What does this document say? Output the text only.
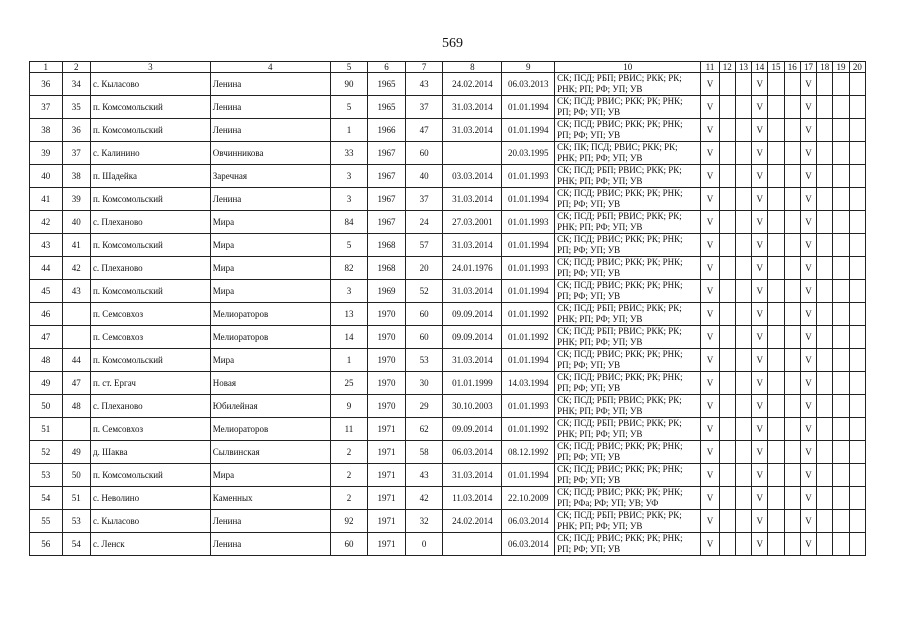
569
1	2	3	4	5	6	7	8	9	10	11	12	13	14	15	16	17	18	19	20
36	34	с. Кыласово	Ленина	90	1965	43	24.02.2014	06.03.2013	СК; ПСД; РБП; РВИС; РКК; РК; РНК; РП; РФ; УП; УВ	V			V			V			
37	35	п. Комсомольский	Ленина	5	1965	37	31.03.2014	01.01.1994	СК; ПСД; РВИС; РКК; РК; РНК; РП; РФ; УП; УВ	V			V			V			
38	36	п. Комсомольский	Ленина	1	1966	47	31.03.2014	01.01.1994	СК; ПСД; РВИС; РКК; РК; РНК; РП; РФ; УП; УВ	V			V			V			
39	37	с. Калинино	Овчинникова	33	1967	60		20.03.1995	СК; ПК; ПСД; РВИС; РКК; РК; РНК; РП; РФ; УП; УВ	V			V			V			
40	38	п. Шадейка	Заречная	3	1967	40	03.03.2014	01.01.1993	СК; ПСД; РБП; РВИС; РКК; РК; РНК; РП; РФ; УП; УВ	V			V			V			
41	39	п. Комсомольский	Ленина	3	1967	37	31.03.2014	01.01.1994	СК; ПСД; РВИС; РКК; РК; РНК; РП; РФ; УП; УВ	V			V			V			
42	40	с. Плеханово	Мира	84	1967	24	27.03.2001	01.01.1993	СК; ПСД; РБП; РВИС; РКК; РК; РНК; РП; РФ; УП; УВ	V			V			V			
43	41	п. Комсомольский	Мира	5	1968	57	31.03.2014	01.01.1994	СК; ПСД; РВИС; РКК; РК; РНК; РП; РФ; УП; УВ	V			V			V			
44	42	с. Плеханово	Мира	82	1968	20	24.01.1976	01.01.1993	СК; ПСД; РВИС; РКК; РК; РНК; РП; РФ; УП; УВ	V			V			V			
45	43	п. Комсомольский	Мира	3	1969	52	31.03.2014	01.01.1994	СК; ПСД; РВИС; РКК; РК; РНК; РП; РФ; УП; УВ	V			V			V			
46		п. Семсовхоз	Мелиораторов	13	1970	60	09.09.2014	01.01.1992	СК; ПСД; РБП; РВИС; РКК; РК; РНК; РП; РФ; УП; УВ	V			V			V			
47		п. Семсовхоз	Мелиораторов	14	1970	60	09.09.2014	01.01.1992	СК; ПСД; РБП; РВИС; РКК; РК; РНК; РП; РФ; УП; УВ	V			V			V			
48	44	п. Комсомольский	Мира	1	1970	53	31.03.2014	01.01.1994	СК; ПСД; РВИС; РКК; РК; РНК; РП; РФ; УП; УВ	V			V			V			
49	47	п. ст. Ергач	Новая	25	1970	30	01.01.1999	14.03.1994	СК; ПСД; РВИС; РКК; РК; РНК; РП; РФ; УП; УВ	V			V			V			
50	48	с. Плеханово	Юбилейная	9	1970	29	30.10.2003	01.01.1993	СК; ПСД; РБП; РВИС; РКК; РК; РНК; РП; РФ; УП; УВ	V			V			V			
51		п. Семсовхоз	Мелиораторов	11	1971	62	09.09.2014	01.01.1992	СК; ПСД; РБП; РВИС; РКК; РК; РНК; РП; РФ; УП; УВ	V			V			V			
52	49	д. Шаква	Сылвинская	2	1971	58	06.03.2014	08.12.1992	СК; ПСД; РВИС; РКК; РК; РНК; РП; РФ; УП; УВ	V			V			V			
53	50	п. Комсомольский	Мира	2	1971	43	31.03.2014	01.01.1994	СК; ПСД; РВИС; РКК; РК; РНК; РП; РФ; УП; УВ	V			V			V			
54	51	с. Неволино	Каменных	2	1971	42	11.03.2014	22.10.2009	СК; ПСД; РВИС; РКК; РК; РНК; РП; РФа; РФ; УП; УВ; УФ	V			V			V			
55	53	с. Кыласово	Ленина	92	1971	32	24.02.2014	06.03.2014	СК; ПСД; РБП; РВИС; РКК; РК; РНК; РП; РФ; УП; УВ	V			V			V			
56	54	с. Ленск	Ленина	60	1971	0		06.03.2014	СК; ПСД; РВИС; РКК; РК; РНК; РП; РФ; УП; УВ	V			V			V			
